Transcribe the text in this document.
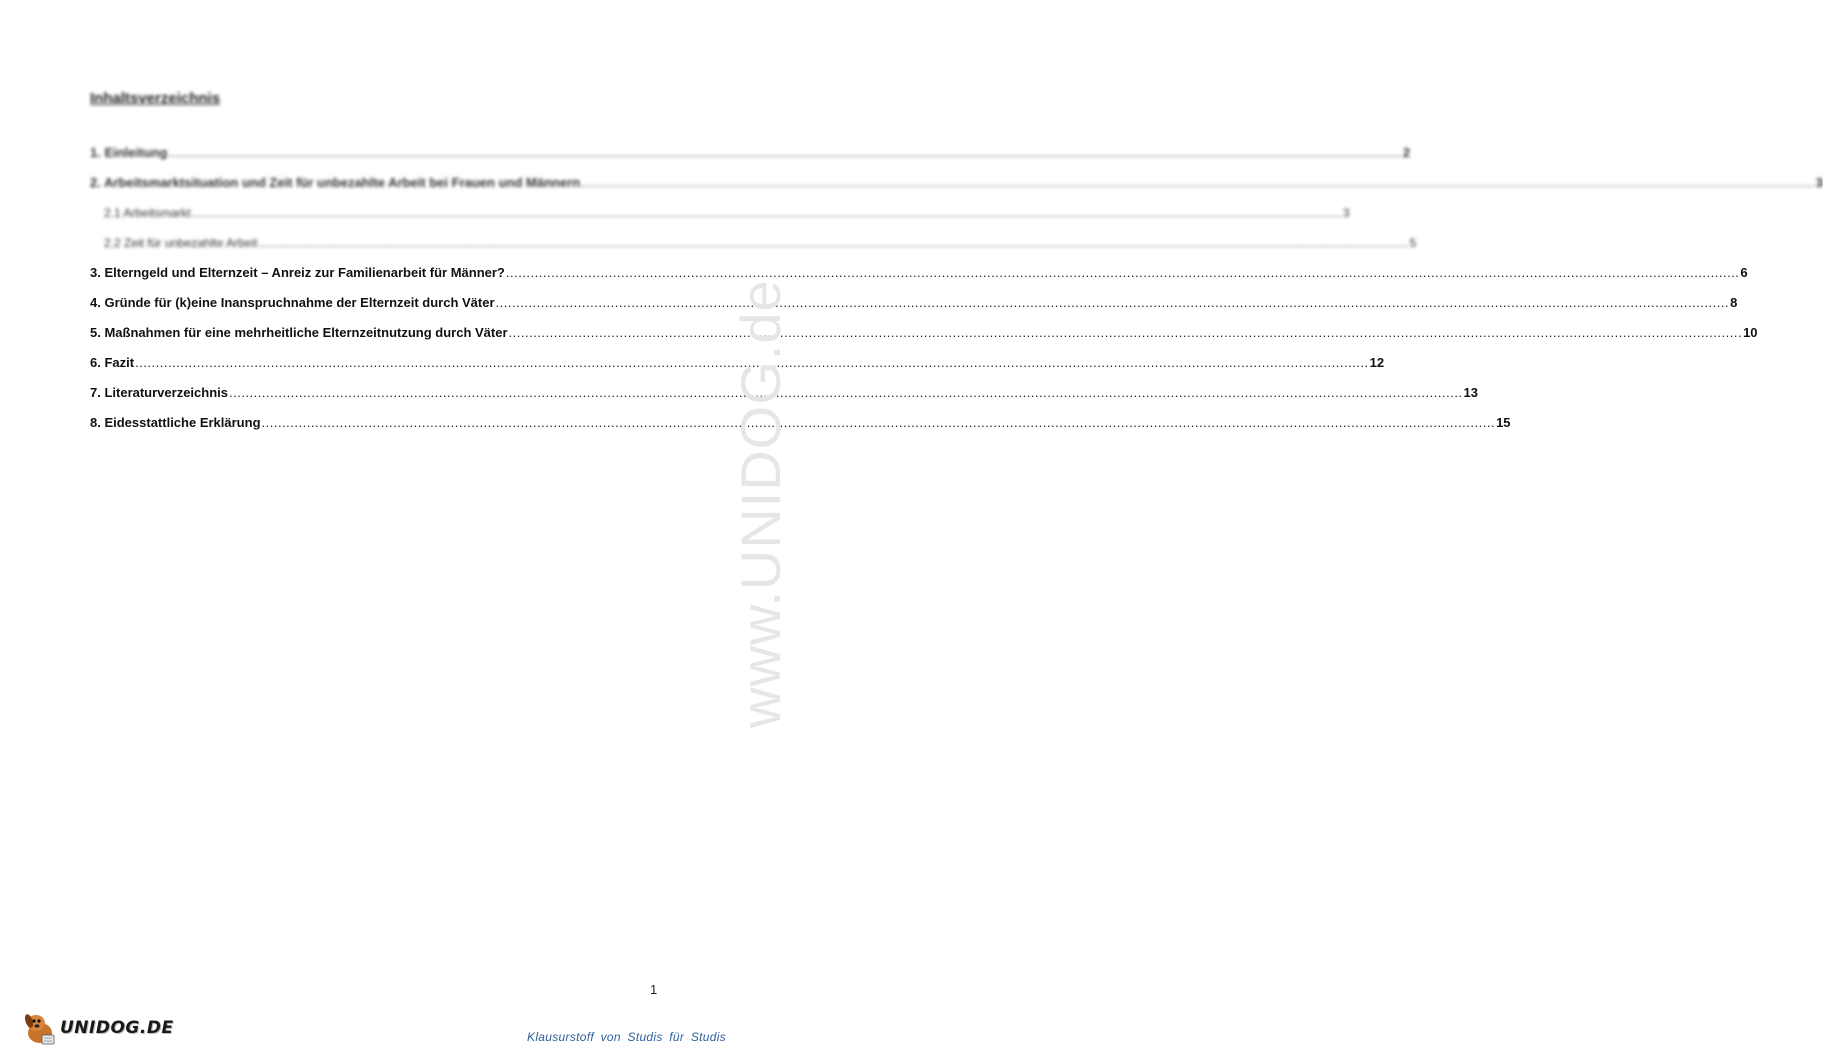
Inhaltsverzeichnis
1. Einleitung ............................................................................................................................................................................................................................................................................................................ 2
2. Arbeitsmarktsituation und Zeit für unbezahlte Arbeit bei Frauen und Männern ............................................................................................................................................................................................................................................................................................................ 3
2.1 Arbeitsmarkt ............................................................................................................................................................................................................................................................................................................ 3
2.2 Zeit für unbezahlte Arbeit ............................................................................................................................................................................................................................................................................................................ 5
3. Elterngeld und Elternzeit – Anreiz zur Familienarbeit für Männer? ............................................................................................................................................................................................................................................................................................................ 6
4. Gründe für (k)eine Inanspruchnahme der Elternzeit durch Väter ............................................................................................................................................................................................................................................................................................................ 8
5. Maßnahmen für eine mehrheitliche Elternzeitnutzung durch Väter ............................................................................................................................................................................................................................................................................................................ 10
6. Fazit ............................................................................................................................................................................................................................................................................................................ 12
7. Literaturverzeichnis ............................................................................................................................................................................................................................................................................................................ 13
8. Eidesstattliche Erklärung ............................................................................................................................................................................................................................................................................................................ 15
www.UNIDOG.de
1
UNIDOG.DE	Klausurstoff von Studis für Studis
